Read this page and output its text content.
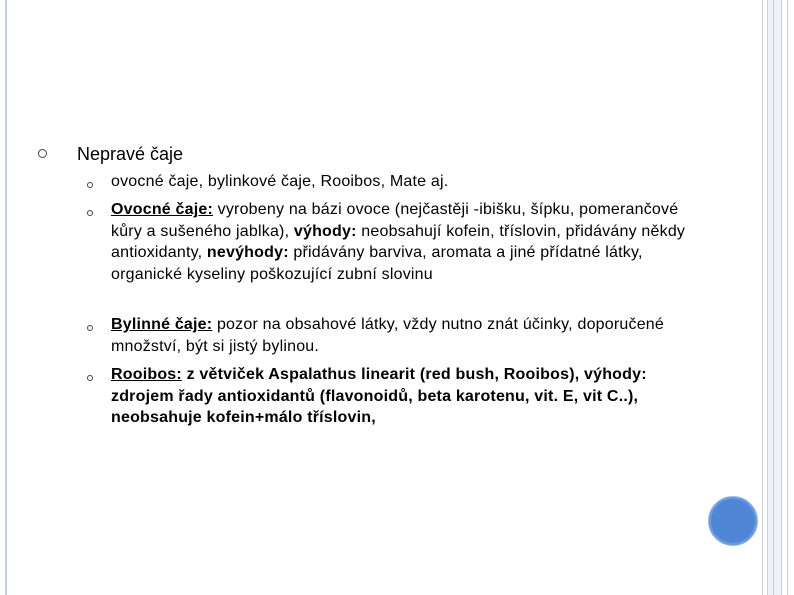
Nepravé čaje
ovocné čaje, bylinkové čaje, Rooibos, Mate aj.
Ovocné čaje: vyrobeny na bázi ovoce (nejčastěji -ibišku, šípku, pomerančové kůry a sušeného jablka), výhody: neobsahují kofein, tříslovin, přidávány někdy antioxidanty, nevýhody: přidávány barviva, aromata a jiné přídatné látky, organické kyseliny poškozující zubní slovinu
Bylinné čaje: pozor na obsahové látky, vždy nutno znát účinky, doporučené množství, být si jistý bylinou.
Rooibos: z větviček Aspalathus linearit (red bush, Rooibos), výhody: zdrojem řady antioxidantů (flavonoidů, beta karotenu, vit. E, vit C..), neobsahuje kofein+málo tříslovin,
